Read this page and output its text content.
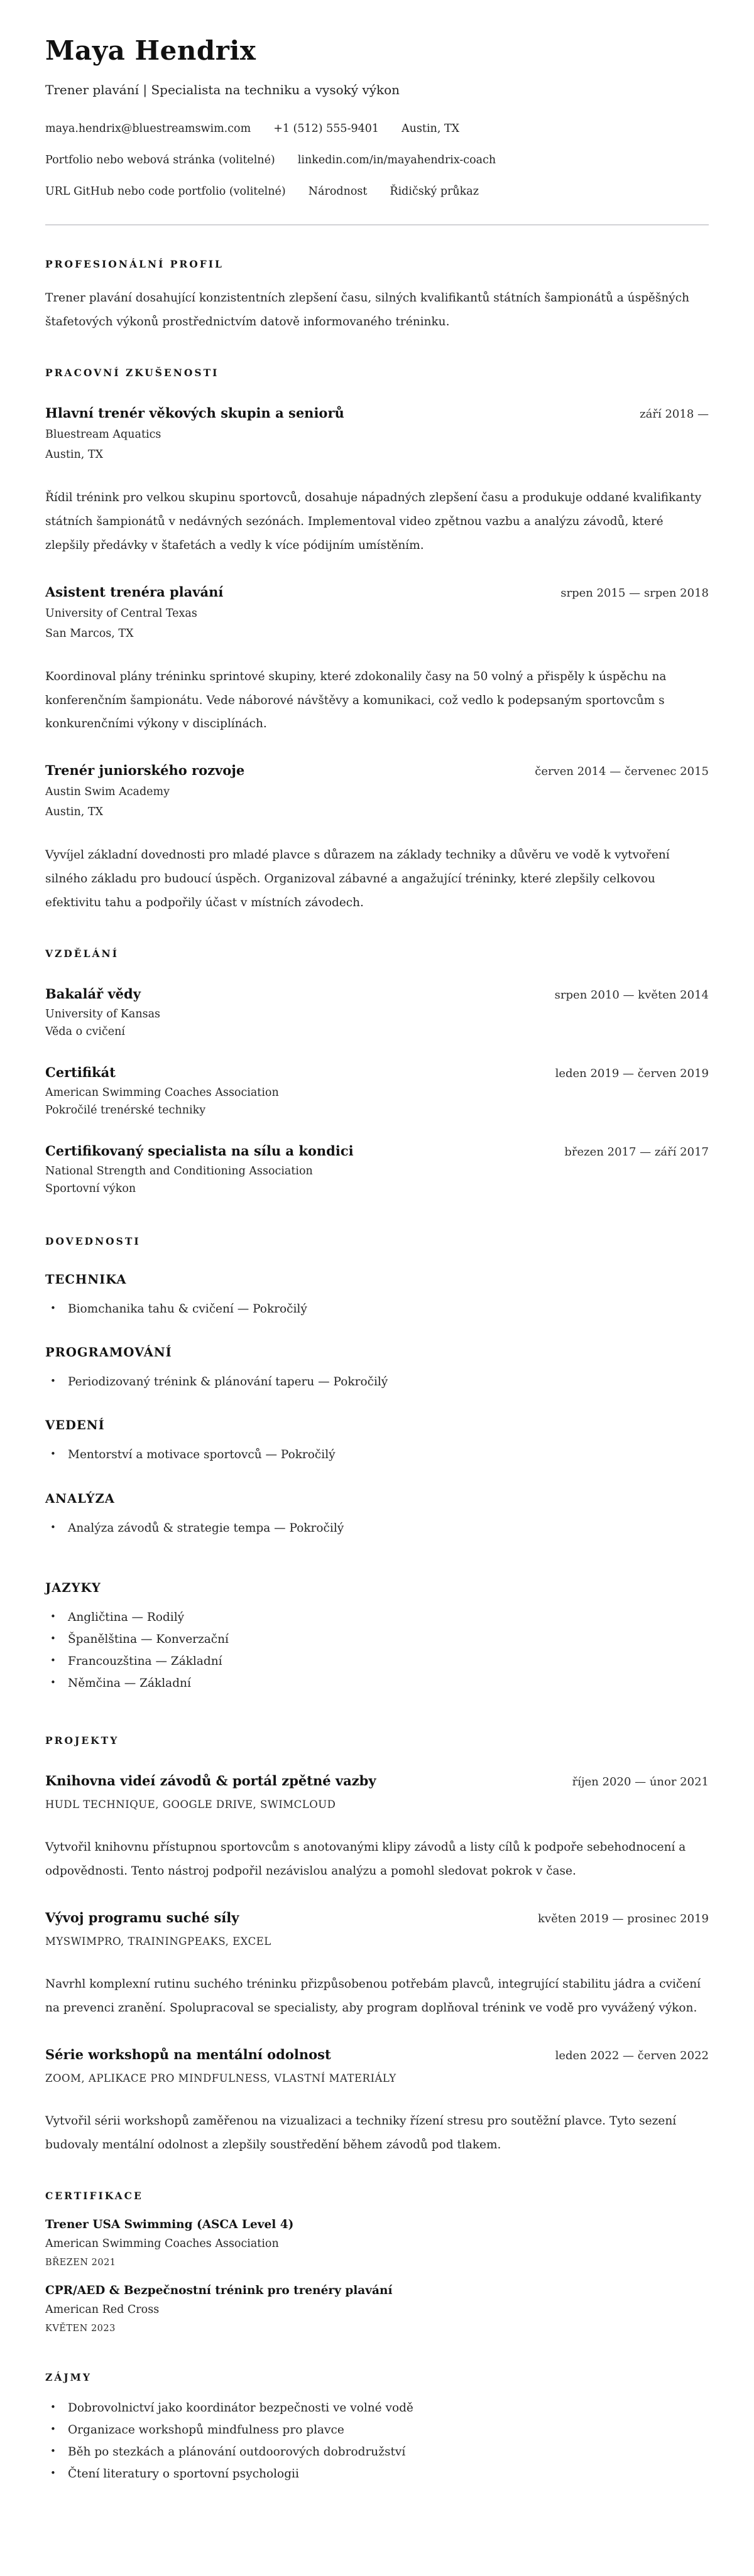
Maya Hendrix

Trener plavání | Specialista na techniku a vysoký výkon

maya.hendrix@bluestreamswim.com +1 (512) 555-9401 Austin, TX
Portfolio nebo webová stránka (volitelné) linkedin.com/in/mayahendrix-coach
URL GitHub nebo code portfolio (volitelné) Národnost Řidičský průkaz
PROFESIONÁLNÍ PROFIL

Trener plavání dosahující konzistentních zlepšení času, silných kvalifikantů státních šampionátů a úspěšných štafetových výkonů prostřednictvím datově informovaného tréninku.

PRACOVNÍ ZKUŠENOSTI
Hlavní trenér věkových skupin a seniorů	září 2018 —

Bluestream Aquatics

Austin, TX

Řídil trénink pro velkou skupinu sportovců, dosahuje nápadných zlepšení času a produkuje oddané kvalifikanty státních šampionátů v nedávných sezónách. Implementoval video zpětnou vazbu a analýzu závodů, které zlepšily předávky v štafetách a vedly k více pódijním umístěním.

Asistent trenéra plavání	srpen 2015 — srpen 2018

University of Central Texas

San Marcos, TX

Koordinoval plány tréninku sprintové skupiny, které zdokonalily časy na 50 volný a přispěly k úspěchu na konferenčním šampionátu. Vede náborové návštěvy a komunikaci, což vedlo k podepsaným sportovcům s konkurenčními výkony v disciplínách.

Trenér juniorského rozvoje	červen 2014 — červenec 2015

Austin Swim Academy

Austin, TX

Vyvíjel základní dovednosti pro mladé plavce s důrazem na základy techniky a důvěru ve vodě k vytvoření silného základu pro budoucí úspěch. Organizoval zábavné a angažující tréninky, které zlepšily celkovou efektivitu tahu a podpořily účast v místních závodech.

VZDĚLÁNÍ
Bakalář vědy	srpen 2010 — květen 2014

University of Kansas

Věda o cvičení

Certifikát	leden 2019 — červen 2019

American Swimming Coaches Association

Pokročilé trenérské techniky

Certifikovaný specialista na sílu a kondici	březen 2017 — září 2017

National Strength and Conditioning Association

Sportovní výkon

DOVEDNOSTI
TECHNIKA
• Biomchanika tahu & cvičení — Pokročilý
PROGRAMOVÁNÍ
• Periodizovaný trénink & plánování taperu — Pokročilý
VEDENÍ
• Mentorství a motivace sportovců — Pokročilý
ANALÝZA
• Analýza závodů & strategie tempa — Pokročilý
JAZYKY
• Angličtina — Rodilý
• Španělština — Konverzační
• Francouzština — Základní
• Němčina — Základní
PROJEKTY
Knihovna videí závodů & portál zpětné vazby	říjen 2020 — únor 2021

HUDL TECHNIQUE, GOOGLE DRIVE, SWIMCLOUD

Vytvořil knihovnu přístupnou sportovcům s anotovanými klipy závodů a listy cílů k podpoře sebehodnocení a odpovědnosti. Tento nástroj podpořil nezávislou analýzu a pomohl sledovat pokrok v čase.

Vývoj programu suché síly	květen 2019 — prosinec 2019

MYSWIMPRO, TRAININGPEAKS, EXCEL

Navrhl komplexní rutinu suchého tréninku přizpůsobenou potřebám plavců, integrující stabilitu jádra a cvičení na prevenci zranění. Spolupracoval se specialisty, aby program doplňoval trénink ve vodě pro vyvážený výkon.

Série workshopů na mentální odolnost	leden 2022 — červen 2022

ZOOM, APLIKACE PRO MINDFULNESS, VLASTNÍ MATERIÁLY

Vytvořil sérii workshopů zaměřenou na vizualizaci a techniky řízení stresu pro soutěžní plavce. Tyto sezení budovaly mentální odolnost a zlepšily soustředění během závodů pod tlakem.

CERTIFIKACE
Trener USA Swimming (ASCA Level 4)

American Swimming Coaches Association

BŘEZEN 2021

CPR/AED & Bezpečnostní trénink pro trenéry plavání

American Red Cross

KVĚTEN 2023

ZÁJMY
• Dobrovolnictví jako koordinátor bezpečnosti ve volné vodě
• Organizace workshopů mindfulness pro plavce
• Běh po stezkách a plánování outdoorových dobrodružství
• Čtení literatury o sportovní psychologii
